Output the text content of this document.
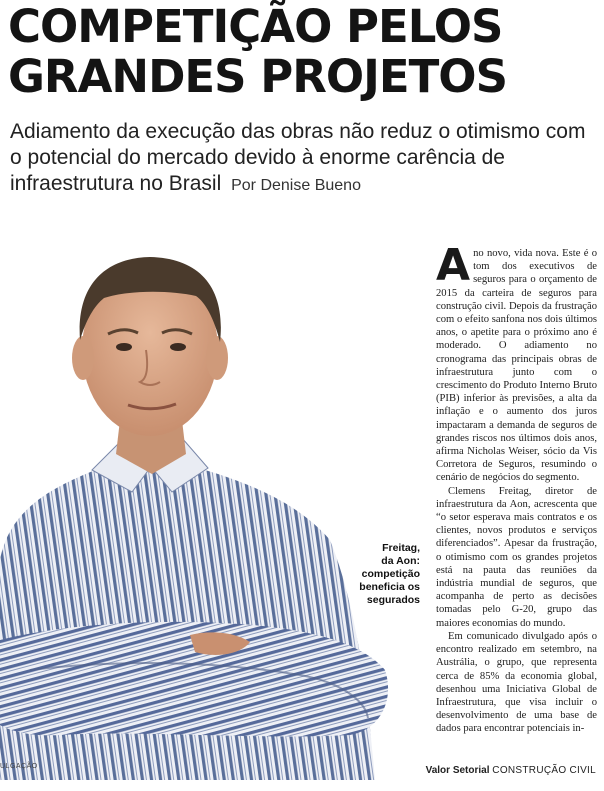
COMPETIÇÃO PELOS
GRANDES PROJETOS

Adiamento da execução das obras não reduz o otimismo com o potencial do mercado devido à enorme carência de infraestrutura no Brasil Por Denise Bueno

Freitag,
da Aon:
competição
beneficia os
segurados
ULGAÇÃO

Ano novo, vida nova. Este é o tom dos executivos de seguros para o orçamento de 2015 da carteira de seguros para construção civil. Depois da frustração com o efeito sanfona nos dois últimos anos, o apetite para o próximo ano é moderado. O adiamento no cronograma das principais obras de infraestrutura junto com o crescimento do Produto Interno Bruto (PIB) inferior às previsões, a alta da inflação e o aumento dos juros impactaram a demanda de seguros de grandes riscos nos últimos dois anos, afirma Nicholas Weiser, sócio da Vis Corretora de Seguros, resumindo o cenário de negócios do segmento.

Clemens Freitag, diretor de infraestrutura da Aon, acrescenta que “o setor esperava mais contratos e os clientes, novos produtos e serviços diferenciados”. Apesar da frustração, o otimismo com os grandes projetos está na pauta das reuniões da indústria mundial de seguros, que acompanha de perto as decisões tomadas pelo G-20, grupo das maiores economias do mundo.

Em comunicado divulgado após o encontro realizado em setembro, na Austrália, o grupo, que representa cerca de 85% da economia global, desenhou uma Iniciativa Global de Infraestrutura, que visa incluir o desenvolvimento de uma base de dados para encontrar potenciais in-

Valor Setorial CONSTRUÇÃO CIVIL
